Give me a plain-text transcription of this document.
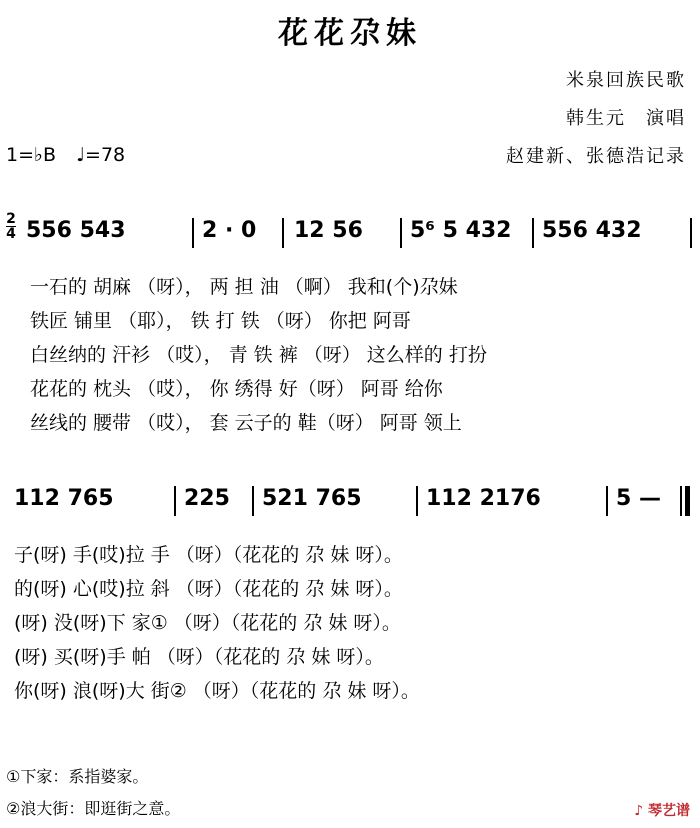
花花尕妹
米泉回族民歌
韩生元　演唱
赵建新、张德浩记录
1=♭B ♩=78
2
4 556 543	2 · 0 12 56 5⁶ 5 432 556 432
一石的 胡麻 （呀）， 两 担 油 （啊） 我和(个)尕妹
铁匠 铺里 （耶）， 铁 打 铁 （呀） 你把 阿哥
白丝纳的 汗衫 （哎）， 青 铁 裤 （呀） 这么样的 打扮
花花的 枕头 （哎）， 你 绣得 好（呀） 阿哥 给你
丝线的 腰带 （哎）， 套 云子的 鞋（呀） 阿哥 领上
112 765	225 521 765	112 2176	5 —
子(呀) 手(哎)拉 手 （呀）（花花的 尕 妹 呀）。
的(呀) 心(哎)拉 斜 （呀）（花花的 尕 妹 呀）。
(呀) 没(呀)下 家① （呀）（花花的 尕 妹 呀）。
(呀) 买(呀)手 帕 （呀）（花花的 尕 妹 呀）。
你(呀) 浪(呀)大 街② （呀）（花花的 尕 妹 呀）。
①下家：系指婆家。
②浪大街：即逛街之意。	♪ 琴艺谱
